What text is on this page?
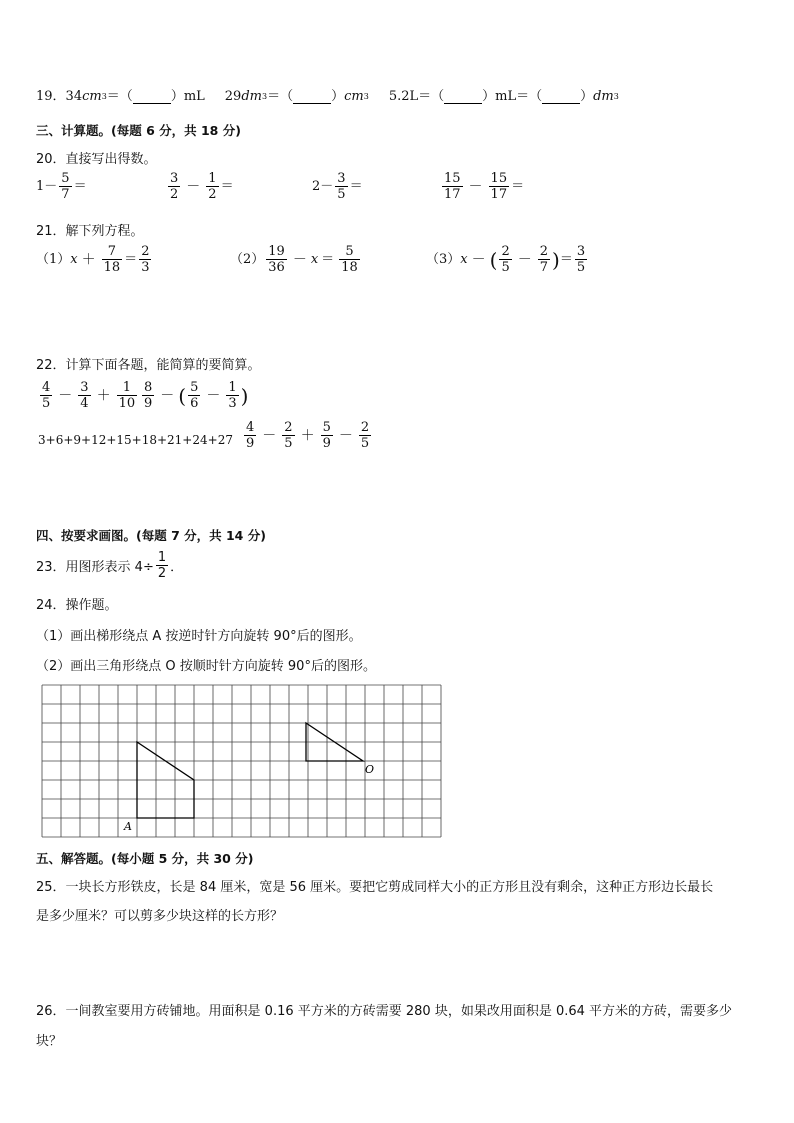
19． 34 cm 3 ＝（	）mL 29 dm 3 ＝（	） cm 3 5.2L＝（	）mL＝（	） dm 3
三、计算题。(每题 6 分，共 18 分)
20．直接写出得数。
1－ 5
7
＝	3
2 － 1
2
＝	2－ 3
5
＝	15
17 － 15
17
＝
21．解下列方程。
（1） x ＋ 7
18
＝ 2
3
（2） 19
36 － x ＝ 5
18
（3） x － ( 2
5 － 2
7 ) ＝ 3
5
22．计算下面各题，能简算的要简算。
4
5 － 3
4 ＋ 1
10
8
9 － ( 5
6 － 1
3 )
3+6+9+12+15+18+21+24+27
4
9 － 2
5 ＋ 5
9 － 2
5
四、按要求画图。(每题 7 分，共 14 分)
23．用图形表示 $4\div \frac{1}{2}$ ．
24．操作题。
（1）画出梯形绕点 A 按逆时针方向旋转 90°后的图形。
（2）画出三角形绕点 O 按顺时针方向旋转 90°后的图形。
A
O
五、解答题。(每小题 5 分，共 30 分)
25．一块长方形铁皮，长是 84 厘米，宽是 56 厘米。要把它剪成同样大小的正方形且没有剩余，这种正方形边长最长
是多少厘米？可以剪多少块这样的长方形？
26．一间教室要用方砖铺地。用面积是 0.16 平方米的方砖需要 280 块，如果改用面积是 0.64 平方米的方砖，需要多少
块？
